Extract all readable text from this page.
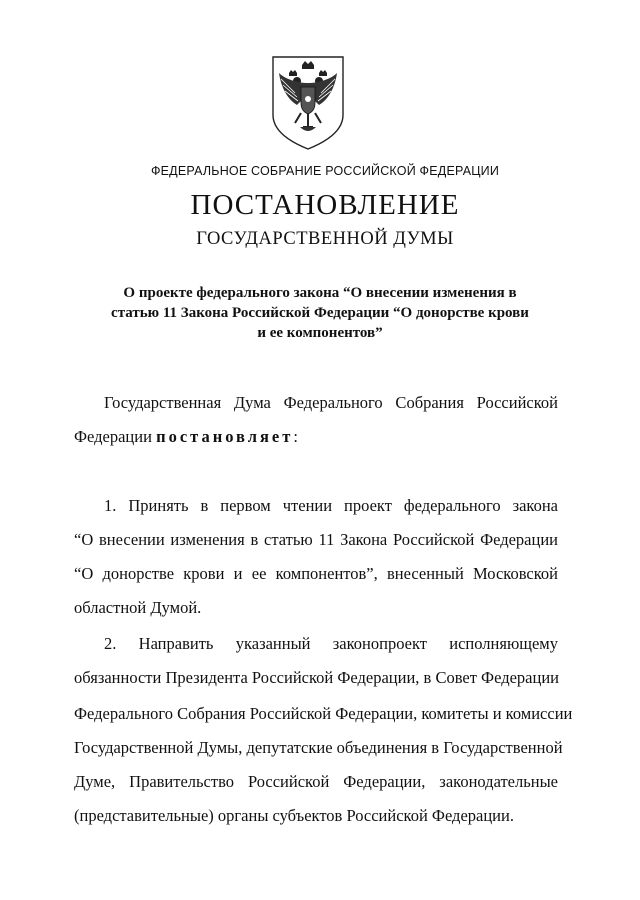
ФЕДЕРАЛЬНОЕ СОБРАНИЕ РОССИЙСКОЙ ФЕДЕРАЦИИ
ПОСТАНОВЛЕНИЕ
ГОСУДАРСТВЕННОЙ ДУМЫ
О проекте федерального закона “О внесении изменения в
статью 11 Закона Российской Федерации “О донорстве крови
и ее компонентов”
Государственная Дума Федерального Собрания Российской
Федерации постановляет:
1. Принять в первом чтении проект федерального закона
“О внесении изменения в статью 11 Закона Российской Федерации
“О донорстве крови и ее компонентов”, внесенный Московской
областной Думой.
2. Направить указанный законопроект исполняющему
обязанности Президента Российской Федерации, в Совет Федерации
Федерального Собрания Российской Федерации, комитеты и комиссии
Государственной Думы, депутатские объединения в Государственной
Думе, Правительство Российской Федерации, законодательные
(представительные) органы субъектов Российской Федерации.
